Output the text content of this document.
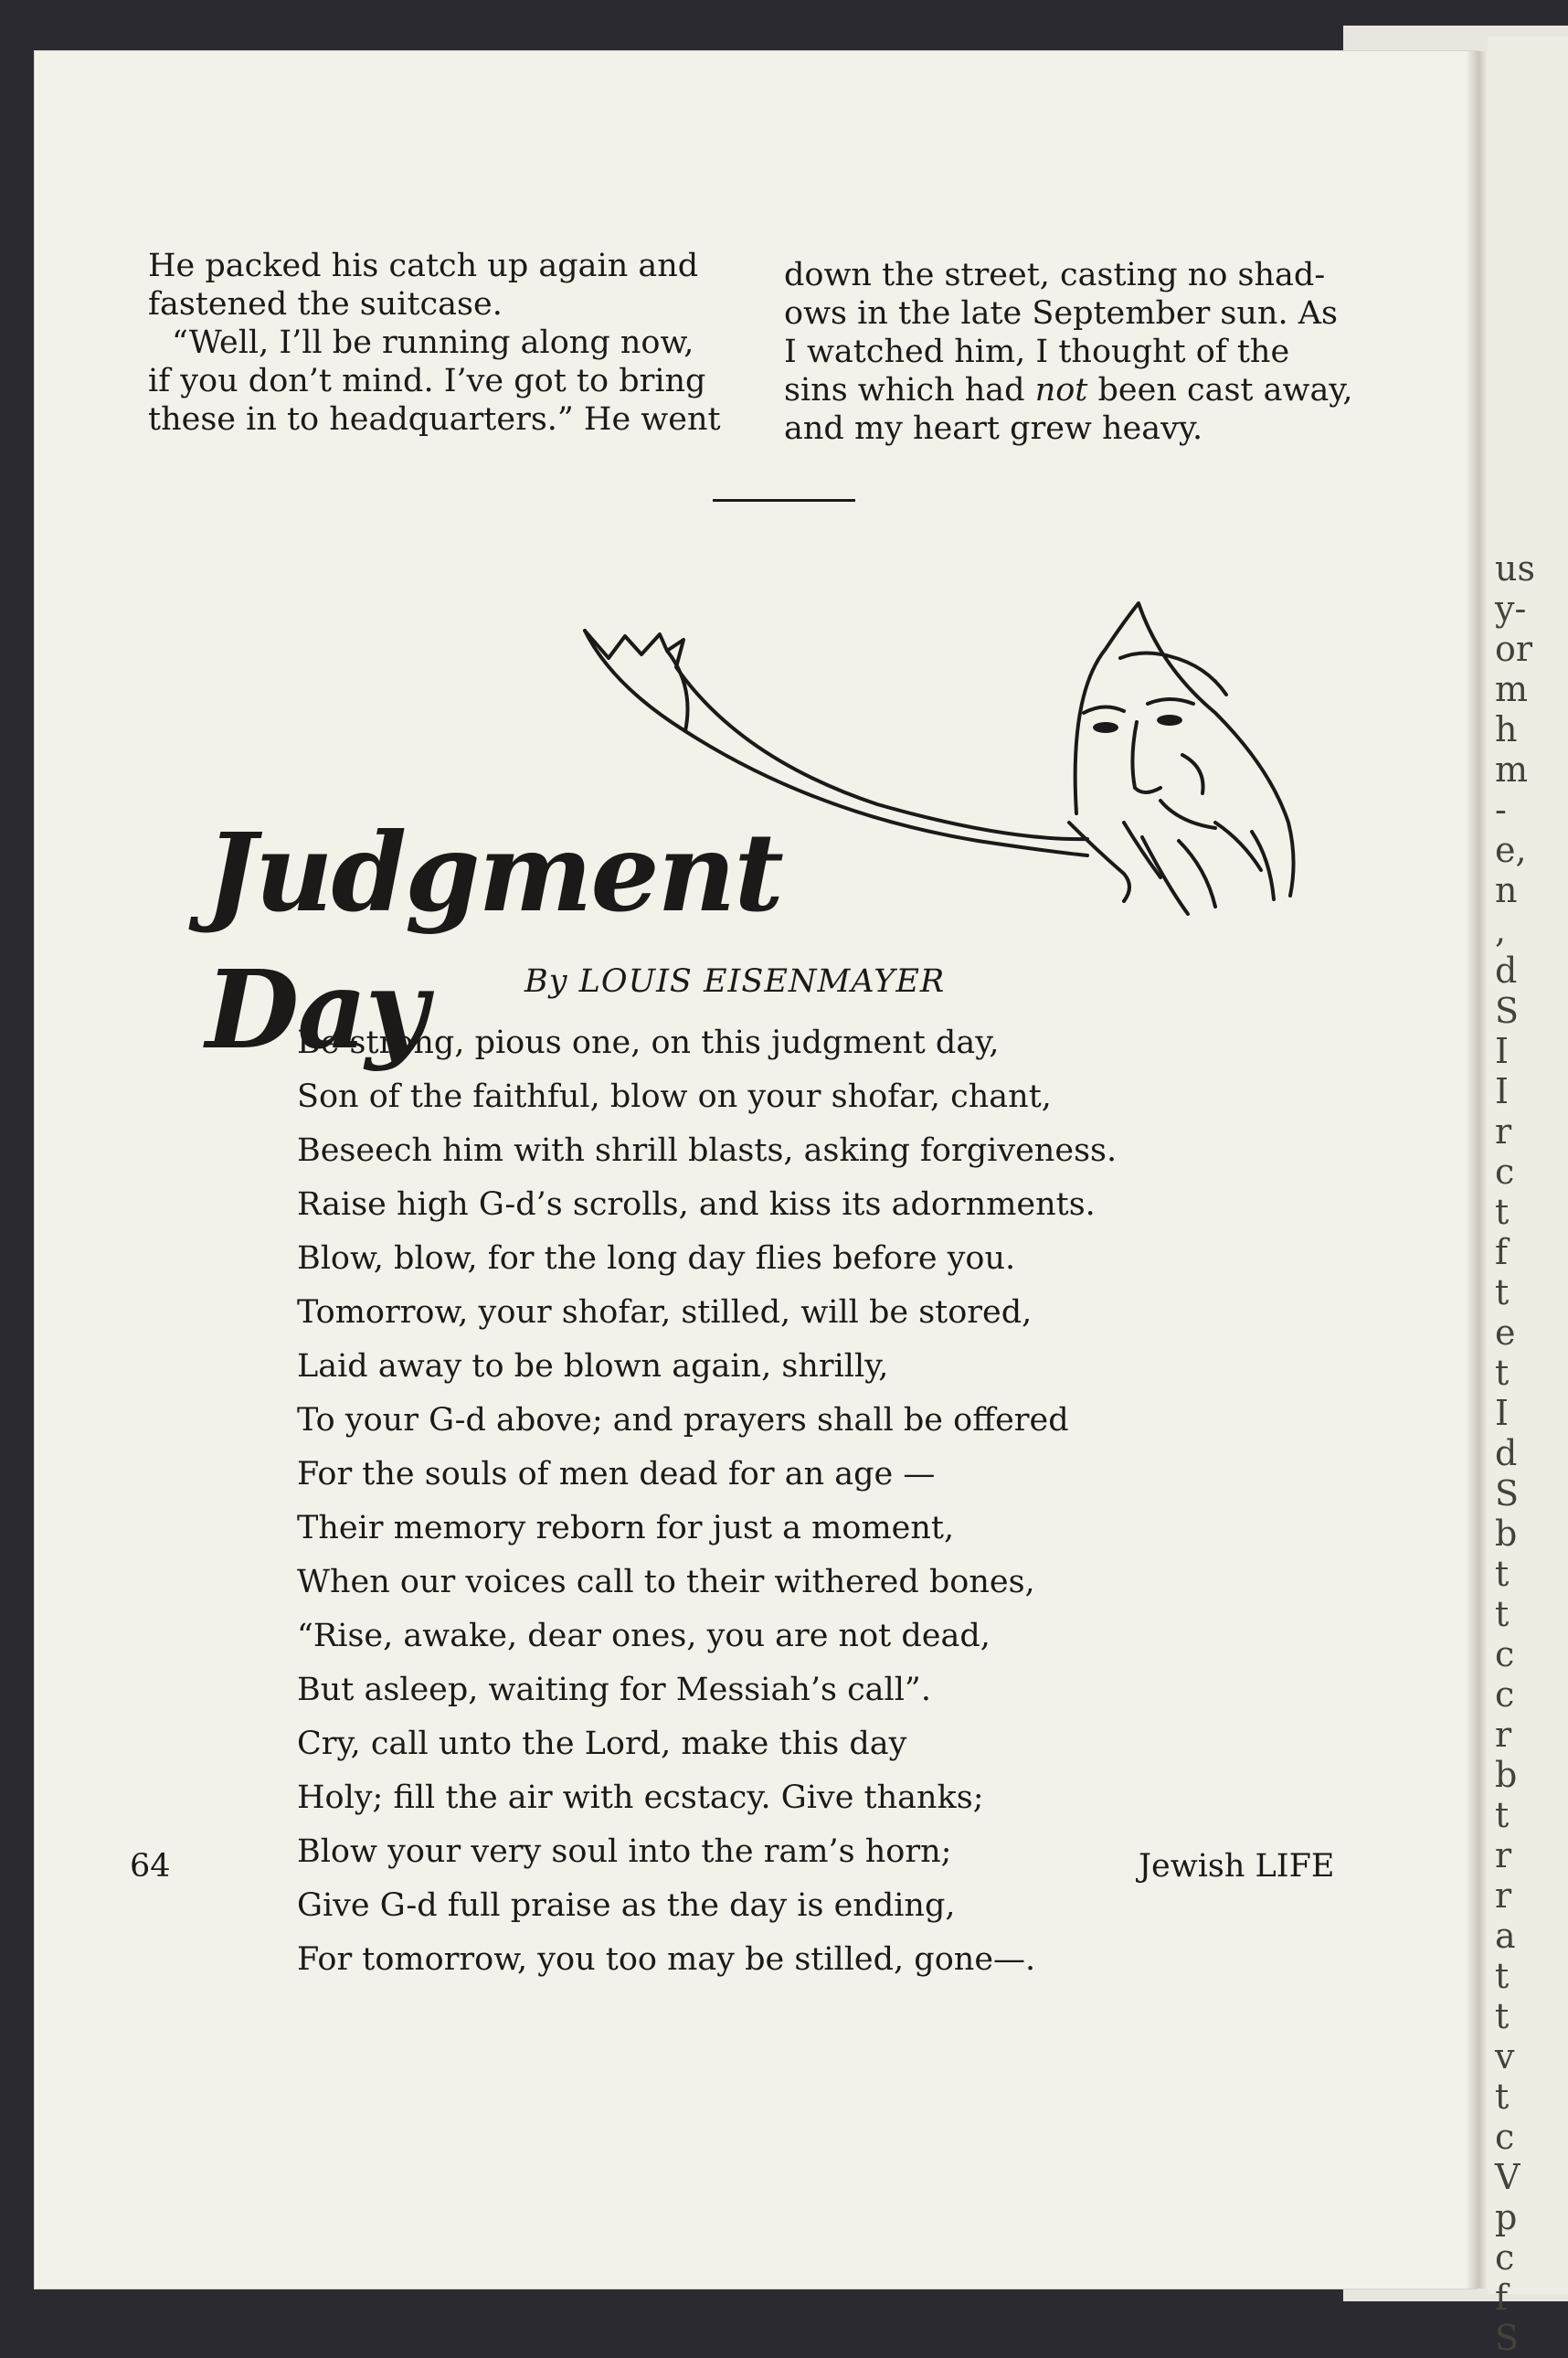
us
y-
or
m
h
m
-
e,
n
,
d
S
I
I
r
c
t
f
t
e
t
I
d
S
b
t
t
c
c
r
b
t
r
r
a
t
t
v
t
c
V
p
c
f
S

He packed his catch up again and

fastened the suitcase.

“Well, I’ll be running along now,

if you don’t mind. I’ve got to bring

these in to headquarters.” He went

down the street, casting no shad-

ows in the late September sun. As

I watched him, I thought of the

sins which had not been cast away,

and my heart grew heavy.

Judgment Day	By LOUIS EISENMAYER
Be strong, pious one, on this judgment day,
Son of the faithful, blow on your shofar, chant,
Beseech him with shrill blasts, asking forgiveness.
Raise high G-d’s scrolls, and kiss its adornments.
Blow, blow, for the long day flies before you.
Tomorrow, your shofar, stilled, will be stored,
Laid away to be blown again, shrilly,
To your G-d above; and prayers shall be offered
For the souls of men dead for an age —
Their memory reborn for just a moment,
When our voices call to their withered bones,
“Rise, awake, dear ones, you are not dead,
But asleep, waiting for Messiah’s call”.
Cry, call unto the Lord, make this day
Holy; fill the air with ecstacy. Give thanks;
Blow your very soul into the ram’s horn;
Give G-d full praise as the day is ending,
For tomorrow, you too may be stilled, gone—.
64	Jewish LIFE
